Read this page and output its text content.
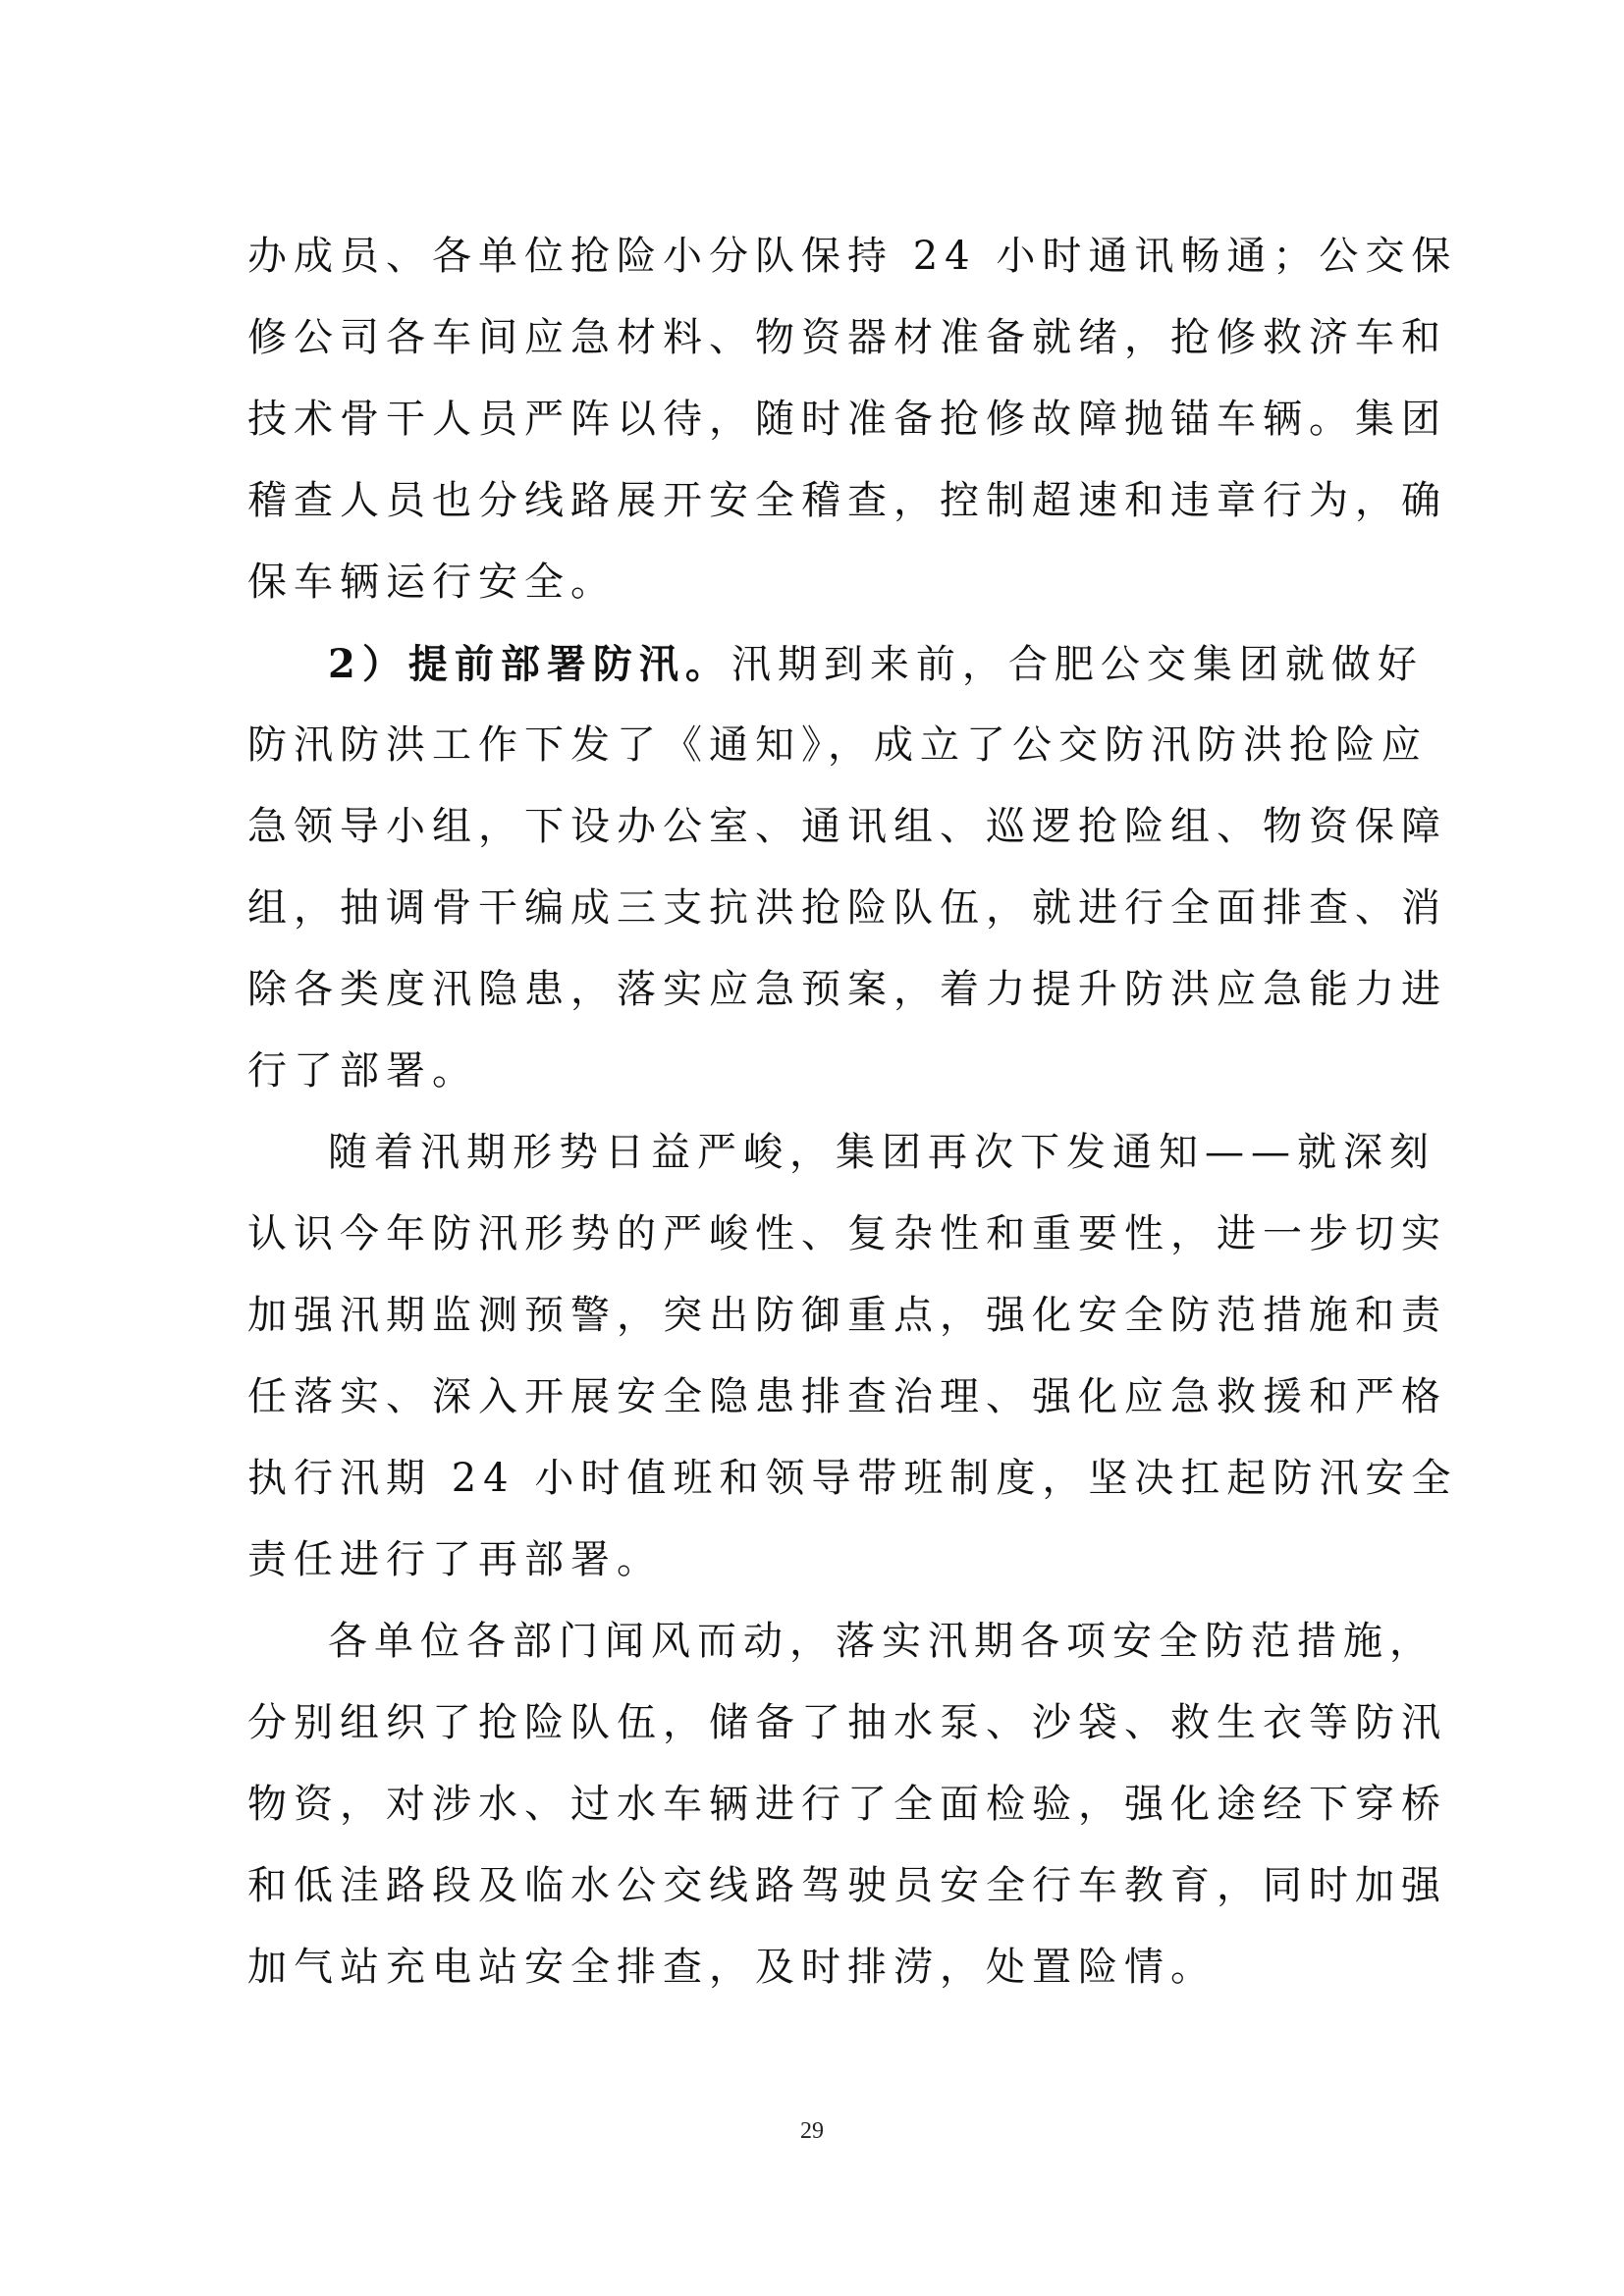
办成员、各单位抢险小分队保持 24 小时通讯畅通；公交保
修公司各车间应急材料、物资器材准备就绪，抢修救济车和
技术骨干人员严阵以待，随时准备抢修故障抛锚车辆。集团
稽查人员也分线路展开安全稽查，控制超速和违章行为，确
保车辆运行安全。
2）提前部署防汛。汛期到来前，合肥公交集团就做好
防汛防洪工作下发了《通知》，成立了公交防汛防洪抢险应
急领导小组，下设办公室、通讯组、巡逻抢险组、物资保障
组，抽调骨干编成三支抗洪抢险队伍，就进行全面排查、消
除各类度汛隐患，落实应急预案，着力提升防洪应急能力进
行了部署。
随着汛期形势日益严峻，集团再次下发通知——就深刻
认识今年防汛形势的严峻性、复杂性和重要性，进一步切实
加强汛期监测预警，突出防御重点，强化安全防范措施和责
任落实、深入开展安全隐患排查治理、强化应急救援和严格
执行汛期 24 小时值班和领导带班制度，坚决扛起防汛安全
责任进行了再部署。
各单位各部门闻风而动，落实汛期各项安全防范措施，
分别组织了抢险队伍，储备了抽水泵、沙袋、救生衣等防汛
物资，对涉水、过水车辆进行了全面检验，强化途经下穿桥
和低洼路段及临水公交线路驾驶员安全行车教育，同时加强
加气站充电站安全排查，及时排涝，处置险情。
29
